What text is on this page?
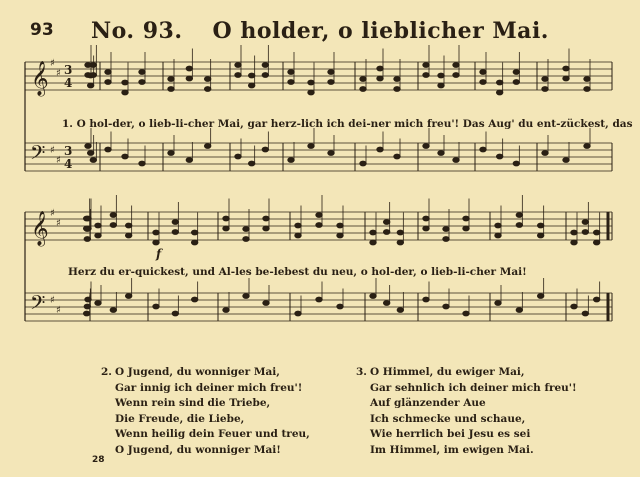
93	No. 93. O holder, o lieblicher Mai.
𝄞
𝄢
♯
♯
♯
♯
3
4
3
4
𝄞
𝄢
♯
♯
♯
♯
f
1. O hol-der, o lieb-li-cher Mai, gar herz-lich ich dei-ner mich freu'! Das Aug' du ent-zückest, das
Herz du er-quickest, und Al-les be-lebest du neu, o hol-der, o lieb-li-cher Mai!
2. O Jugend, du wonniger Mai,
Gar innig ich deiner mich freu'!
Wenn rein sind die Triebe,
Die Freude, die Liebe,
Wenn heilig dein Feuer und treu,
O Jugend, du wonniger Mai!
3. O Himmel, du ewiger Mai,
Gar sehnlich ich deiner mich freu'!
Auf glänzender Aue
Ich schmecke und schaue,
Wie herrlich bei Jesu es sei
Im Himmel, im ewigen Mai.
28
